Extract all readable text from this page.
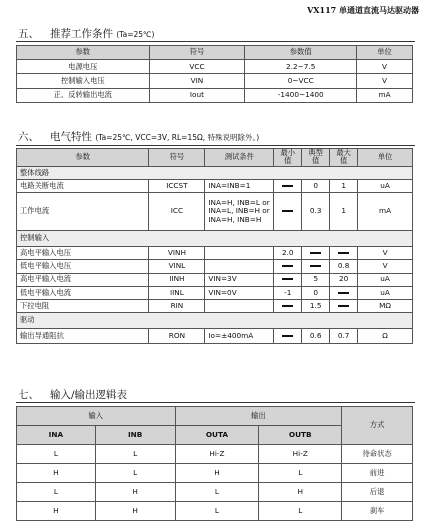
VX117 单通道直流马达驱动器
五、 推荐工作条件 (Ta=25℃)
参数	符号	参数值	单位
电源电压	VCC	2.2~7.5	V
控制输入电压	VIN	0~VCC	V
正、反转输出电流	Iout	-1400~1400	mA
六、 电气特性 (Ta=25℃, VCC=3V, RL=15Ω, 特殊说明除外。)
参数	符号	测试条件	最小值	典型值	最大值	单位
整体线路						
电路关断电流	ICCST	INA=INB=1		0	1	uA
工作电流	ICC	INA=H, INB=L or
INA=L, INB=H or
INA=H, INB=H		0.3	1	mA
控制输入						
高电平输入电压	VINH		2.0			V
低电平输入电压	VINL				0.8	V
高电平输入电流	IINH	VIN=3V		5	20	uA
低电平输入电流	IINL	VIN=0V	-1	0		uA
下拉电阻	RIN			1.5		MΩ
驱动						
输出导通阻抗	RON	Io=±400mA		0.6	0.7	Ω
七、 输入/输出逻辑表
输入		输出		方式
INA	INB	OUTA	OUTB	
L	L	Hi-Z	Hi-Z	待命状态
H	L	H	L	前进
L	H	L	H	后退
H	H	L	L	刹车
